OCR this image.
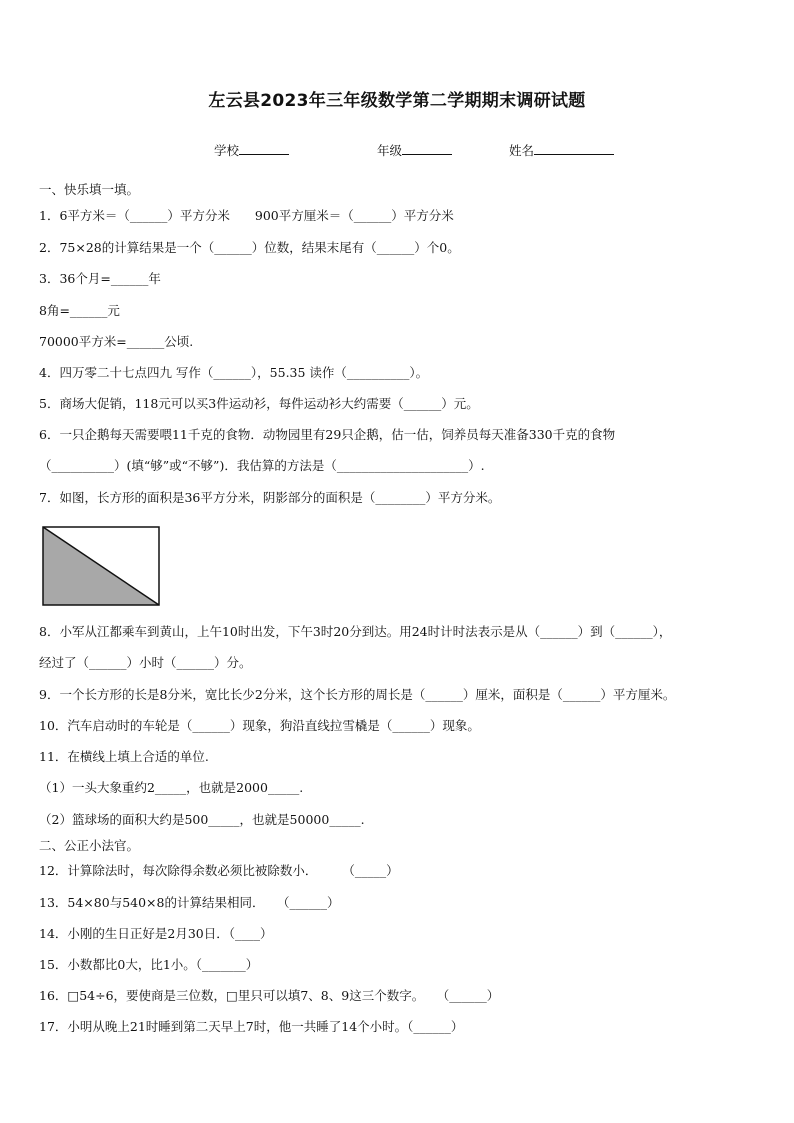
左云县2023年三年级数学第二学期期末调研试题
学校	年级	姓名
一、快乐填一填。
1．6平方米＝（______）平方分米　　900平方厘米＝（______）平方分米
2．75×28的计算结果是一个（______）位数，结果末尾有（______）个0。
3．36个月=______年
8角=______元
70000平方米=______公顷.
4．四万零二十七点四九 写作（______），55.35 读作（__________）。
5．商场大促销，118元可以买3件运动衫，每件运动衫大约需要（______）元。
6．一只企鹅每天需要喂11千克的食物．动物园里有29只企鹅，估一估，饲养员每天准备330千克的食物
（__________）(填“够”或“不够”)．我估算的方法是（_____________________）.
7．如图，长方形的面积是36平方分米，阴影部分的面积是（________）平方分米。
8．小军从江都乘车到黄山，上午10时出发，下午3时20分到达。用24时计时法表示是从（______）到（______），
经过了（______）小时（______）分。
9．一个长方形的长是8分米，宽比长少2分米，这个长方形的周长是（______）厘米，面积是（______）平方厘米。
10．汽车启动时的车轮是（______）现象，狗沿直线拉雪橇是（______）现象。
11．在横线上填上合适的单位.
（1）一头大象重约2_____，也就是2000_____.
（2）篮球场的面积大约是500_____，也就是50000_____.
二、公正小法官。
12．计算除法时，每次除得余数必须比被除数小．　　　（_____）
13．54×80与540×8的计算结果相同．　　（______）
14．小刚的生日正好是2月30日．（____）
15．小数都比0大，比1小。（_______）
16．□54÷6，要使商是三位数，□里只可以填7、8、9这三个数字。　　（______）
17．小明从晚上21时睡到第二天早上7时，他一共睡了14个小时。（______）
